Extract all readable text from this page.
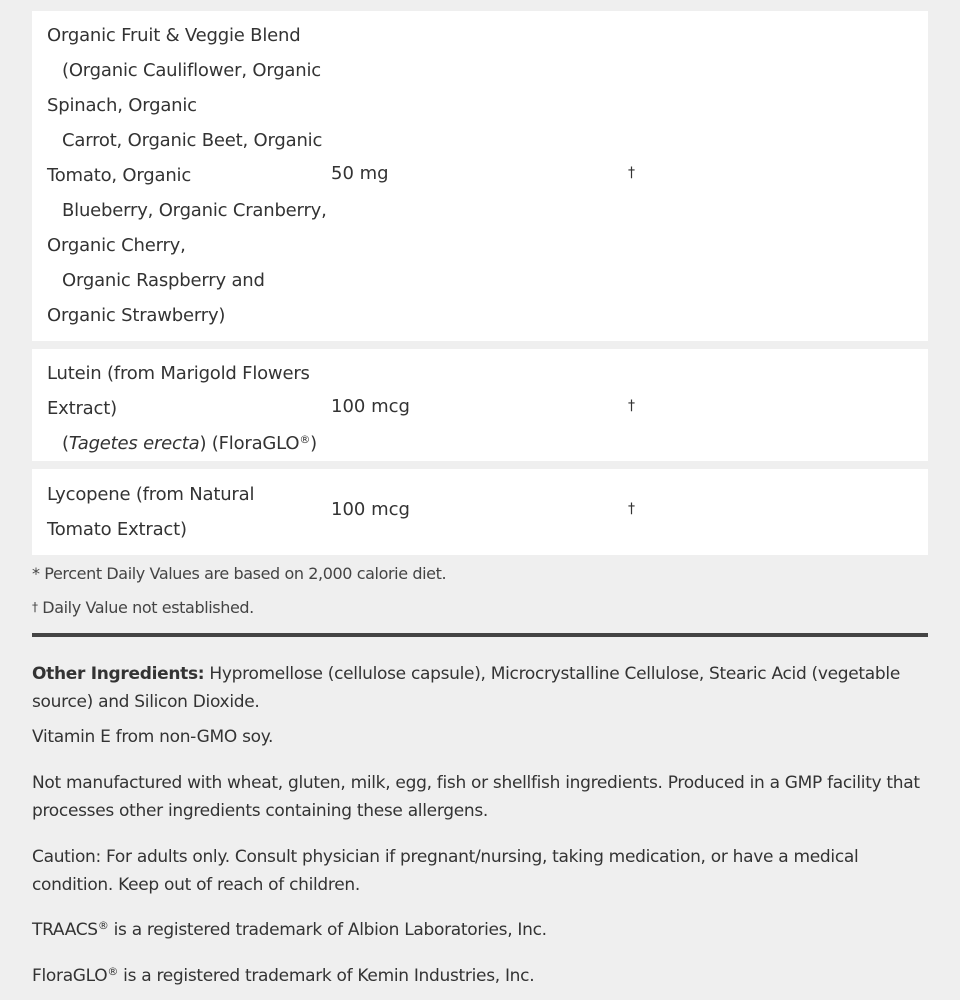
Organic Fruit & Veggie Blend
(Organic Cauliflower, Organic
Spinach, Organic
Carrot, Organic Beet, Organic
Tomato, Organic
Blueberry, Organic Cranberry,
Organic Cherry,
Organic Raspberry and
Organic Strawberry)
50 mg	†
Lutein (from Marigold Flowers
Extract)
(Tagetes erecta) (FloraGLO®)
100 mcg	†
Lycopene (from Natural
Tomato Extract)
100 mcg	†
* Percent Daily Values are based on 2,000 calorie diet.
† Daily Value not established.
Other Ingredients: Hypromellose (cellulose capsule), Microcrystalline Cellulose, Stearic Acid (vegetable
source) and Silicon Dioxide.
Vitamin E from non-GMO soy.
Not manufactured with wheat, gluten, milk, egg, fish or shellfish ingredients. Produced in a GMP facility that
processes other ingredients containing these allergens.
Caution: For adults only. Consult physician if pregnant/nursing, taking medication, or have a medical
condition. Keep out of reach of children.
TRAACS® is a registered trademark of Albion Laboratories, Inc.
FloraGLO® is a registered trademark of Kemin Industries, Inc.
